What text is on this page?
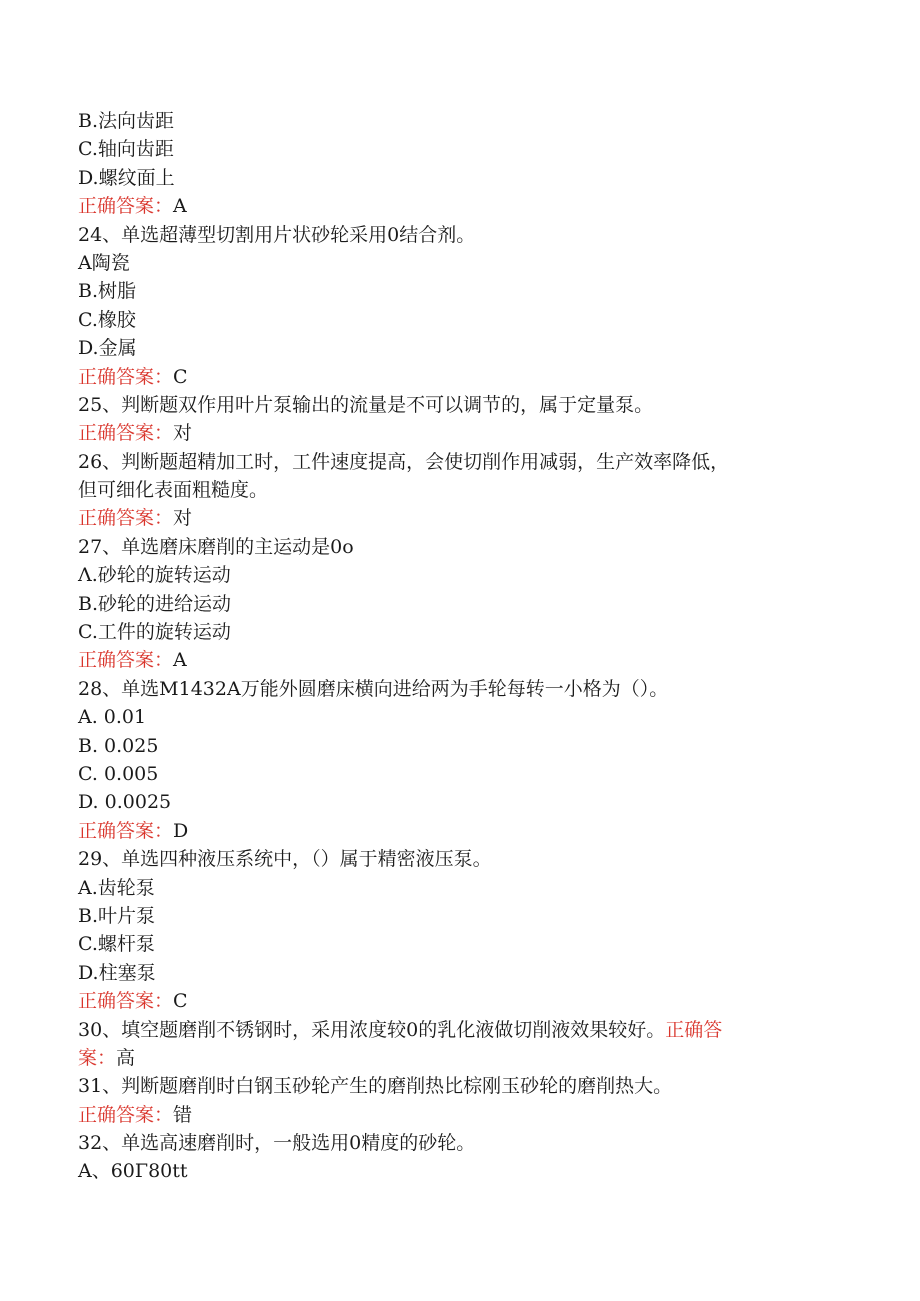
B.法向齿距
C.轴向齿距
D.螺纹面上
正确答案：A
24、单选超薄型切割用片状砂轮采用0结合剂。
A陶瓷
B.树脂
C.橡胶
D.金属
正确答案：C
25、判断题双作用叶片泵输出的流量是不可以调节的，属于定量泵。
正确答案：对
26、判断题超精加工时，工件速度提高，会使切削作用减弱，生产效率降低，
但可细化表面粗糙度。
正确答案：对
27、单选磨床磨削的主运动是0o
Λ.砂轮的旋转运动
B.砂轮的进给运动
C.工件的旋转运动
正确答案：A
28、单选M1432A万能外圆磨床横向进给两为手轮每转一小格为（）。
A. 0.01
B. 0.025
C. 0.005
D. 0.0025
正确答案：D
29、单选四种液压系统中，（）属于精密液压泵。
A.齿轮泵
B.叶片泵
C.螺杆泵
D.柱塞泵
正确答案：C
30、填空题磨削不锈钢时，采用浓度较0的乳化液做切削液效果较好。正确答
案：高
31、判断题磨削时白钢玉砂轮产生的磨削热比棕刚玉砂轮的磨削热大。
正确答案：错
32、单选高速磨削时，一般选用0精度的砂轮。
A、60Γ80tt
